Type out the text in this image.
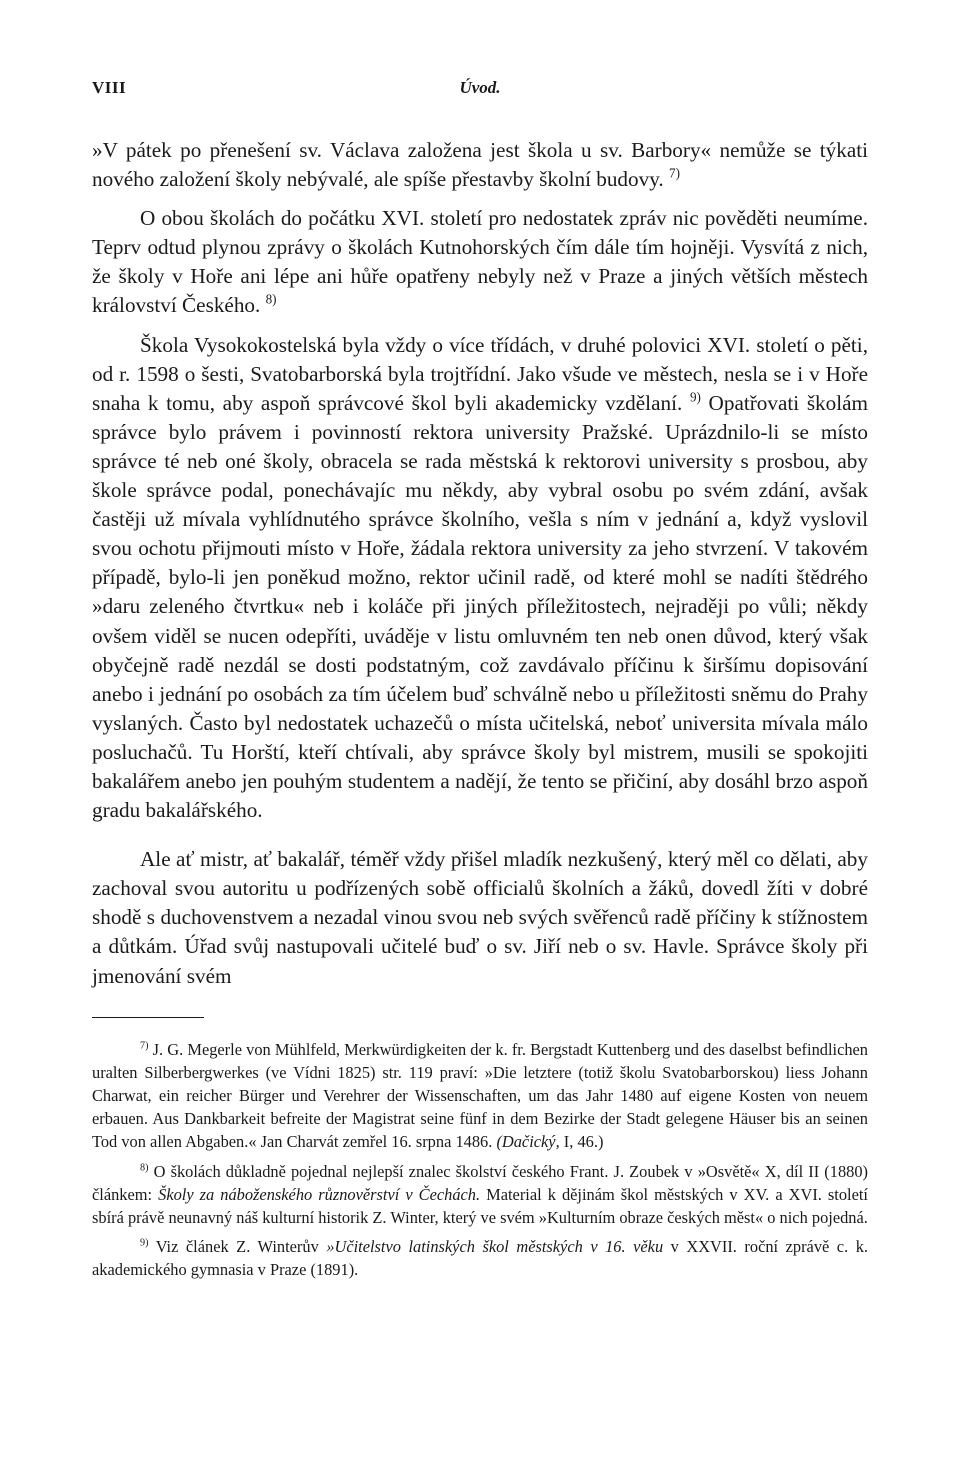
VIII	Úvod.

»V pátek po přenešení sv. Václava založena jest škola u sv. Barbory« nemůže se týkati nového založení školy nebývalé, ale spíše přestavby školní budovy. $^{7)}$

O obou školách do počátku XVI. století pro nedostatek zpráv nic pověděti neumíme. Teprv odtud plynou zprávy o školách Kutnohorských čím dále tím hojněji. Vysvítá z nich, že školy v Hoře ani lépe ani hůře opatřeny nebyly než v Praze a jiných větších městech království Českého. $^{8)}$

Škola Vysokokostelská byla vždy o více třídách, v druhé polovici XVI. století o pěti, od r. 1598 o šesti, Svatobarborská byla trojtřídní. Jako všude ve městech, nesla se i v Hoře snaha k tomu, aby aspoň správcové škol byli akademicky vzdělaní. $^{9)}$ Opatřovati školám správce bylo právem i povinností rektora university Pražské. Uprázdnilo-li se místo správce té neb oné školy, obracela se rada městská k rektorovi university s prosbou, aby škole správce podal, ponechávajíc mu někdy, aby vybral osobu po svém zdání, avšak častěji už mívala vyhlídnutého správce školního, vešla s ním v jednání a, když vyslovil svou ochotu přijmouti místo v Hoře, žádala rektora university za jeho stvrzení. V takovém případě, bylo-li jen poněkud možno, rektor učinil radě, od které mohl se nadíti štědrého »daru zeleného čtvrtku« neb i koláče při jiných příležitostech, nejraději po vůli; někdy ovšem viděl se nucen odepříti, uváděje v listu omluvném ten neb onen důvod, který však obyčejně radě nezdál se dosti podstatným, což zavdávalo příčinu k širšímu dopisování anebo i jednání po osobách za tím účelem buď schválně nebo u příležitosti sněmu do Prahy vyslaných. Často byl nedostatek uchazečů o místa učitelská, neboť universita mívala málo posluchačů. Tu Horští, kteří chtívali, aby správce školy byl mistrem, musili se spokojiti bakalářem anebo jen pouhým studentem a nadějí, že tento se přičiní, aby dosáhl brzo aspoň gradu bakalářského.

Ale ať mistr, ať bakalář, téměř vždy přišel mladík nezkušený, který měl co dělati, aby zachoval svou autoritu u podřízených sobě officialů školních a žáků, dovedl žíti v dobré shodě s duchovenstvem a nezadal vinou svou neb svých svěřenců radě příčiny k stížnostem a důtkám. Úřad svůj nastupovali učitelé buď o sv. Jiří neb o sv. Havle. Správce školy při jmenování svém

$^{7)}$ J. G. Megerle von Mühlfeld, Merkwürdigkeiten der k. fr. Bergstadt Kuttenberg und des daselbst befindlichen uralten Silberbergwerkes (ve Vídni 1825) str. 119 praví: »Die letztere (totiž školu Svatobarborskou) liess Johann Charwat, ein reicher Bürger und Verehrer der Wissenschaften, um das Jahr 1480 auf eigene Kosten von neuem erbauen. Aus Dankbarkeit befreite der Magistrat seine fünf in dem Bezirke der Stadt gelegene Häuser bis an seinen Tod von allen Abgaben.« Jan Charvát zemřel 16. srpna 1486. (Dačický, I, 46.)

$^{8)}$ O školách důkladně pojednal nejlepší znalec školství českého Frant. J. Zoubek v »Osvětě« X, díl II (1880) článkem: Školy za náboženského různověrství v Čechách. Material k dějinám škol městských v XV. a XVI. století sbírá právě neunavný náš kulturní historik Z. Winter, který ve svém »Kulturním obraze českých měst« o nich pojedná.

$^{9)}$ Viz článek Z. Winterův »Učitelstvo latinských škol městských v 16. věku v XXVII. roční zprávě c. k. akademického gymnasia v Praze (1891).
